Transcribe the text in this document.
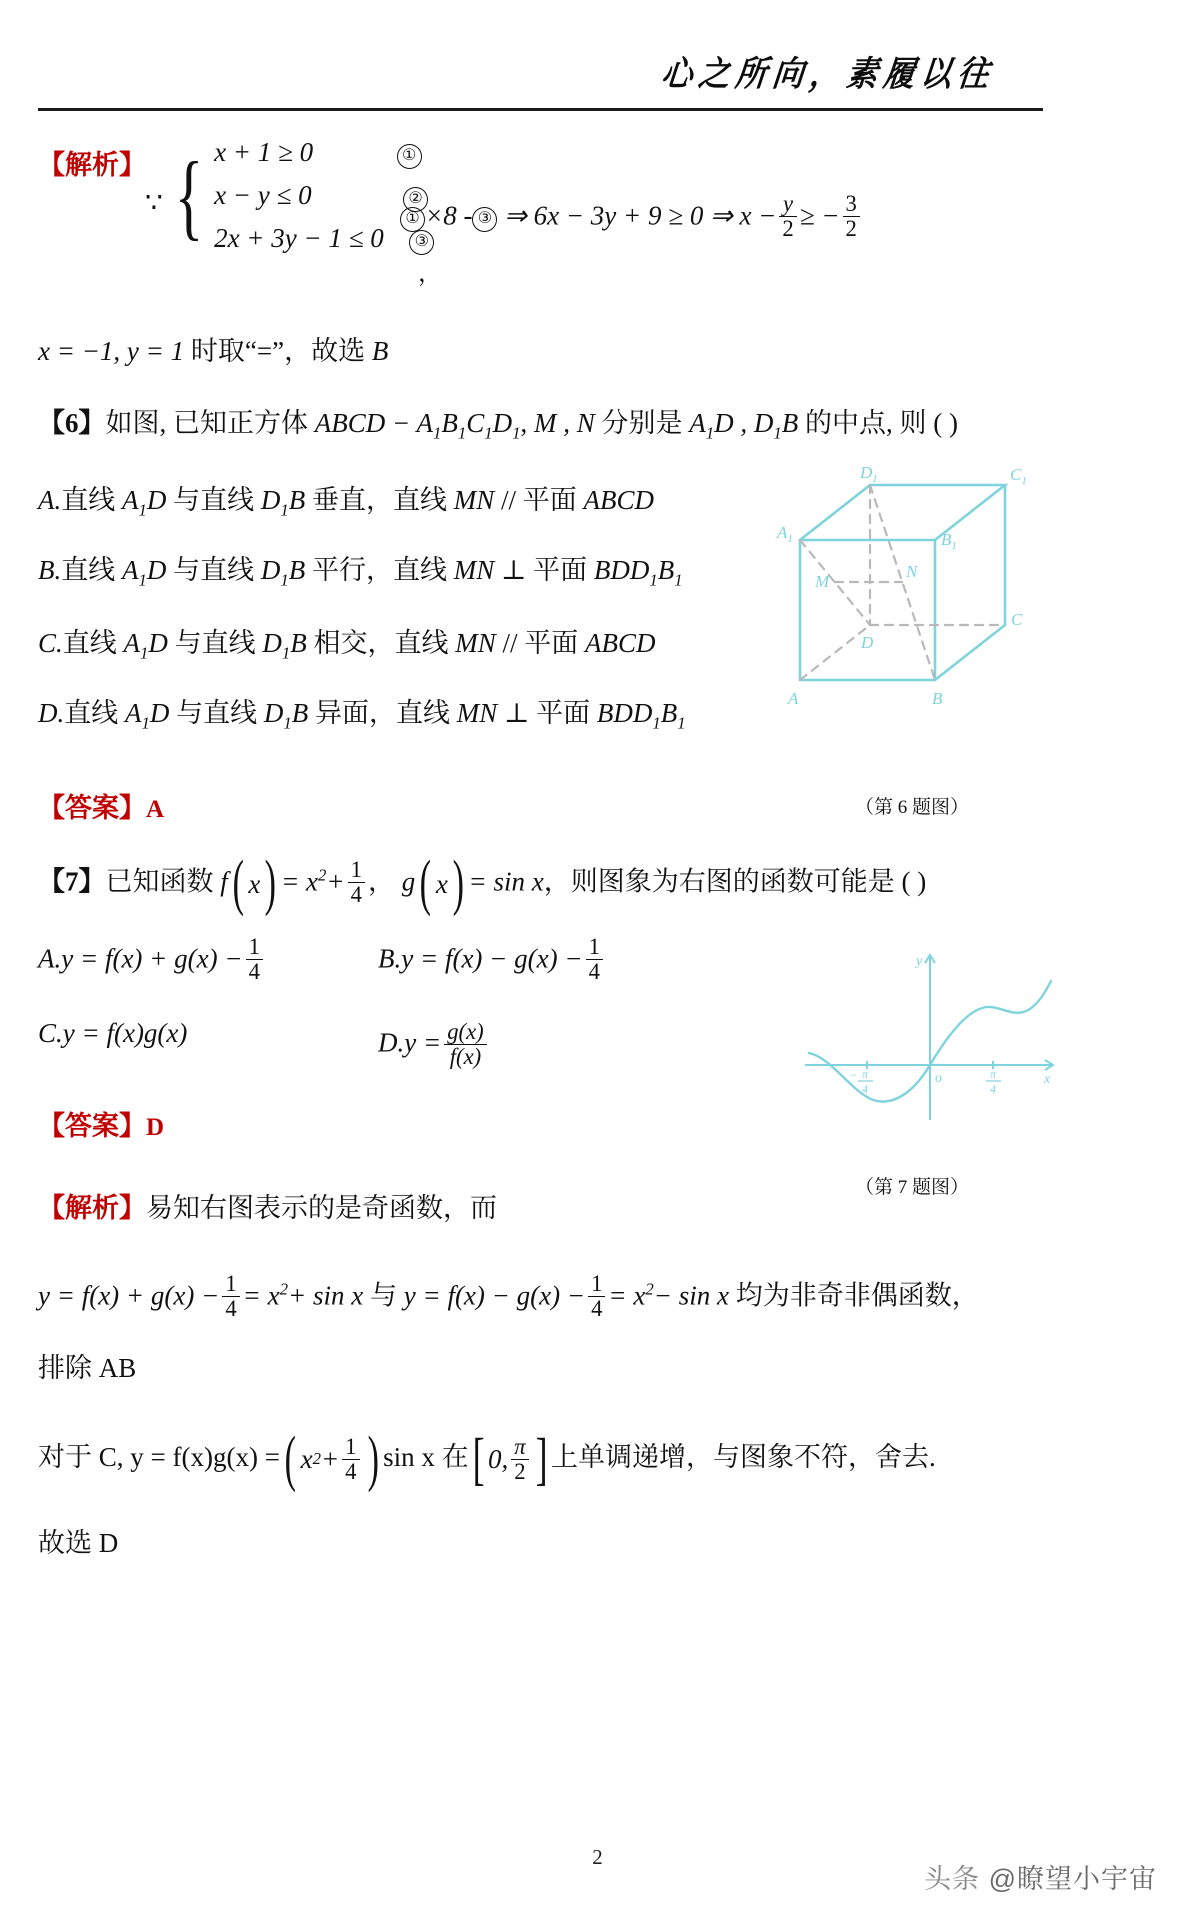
心之所向，素履以往
【解析】
∵ { x + 1 ≥ 0	①
x − y ≤ 0	②
2x + 3y − 1 ≤ 0 ③
，
① ×8 - ③ ⇒ 6x − 3y + 9 ≥ 0 ⇒ $x - \frac{y}{2}$ ≥ − $\frac{3}{2}$
x = −1, y = 1 时取“=”，故选 B
【6】如图, 已知正方体 ABCD − $A_1B_1C_1D_1$, M , N 分别是 $A_1D$ , $D_1B$ 的中点, 则 ( )
A.直线 $A_1D$ 与直线 $D_1B$ 垂直，直线 MN // 平面 ABCD
B.直线 $A_1D$ 与直线 $D_1B$ 平行，直线 MN ⊥ 平面 $BDD_1B_1$
C.直线 $A_1D$ 与直线 $D_1B$ 相交，直线 MN // 平面 ABCD
D.直线 $A_1D$ 与直线 $D_1B$ 异面，直线 MN ⊥ 平面 $BDD_1B_1$
【答案】A
$D_1$	$C_1$
$A_1$	$B_1$
M
N
D
C
A	B
（第 6 题图）
【7】已知函数 f ( x ) = $x^2+ \frac{1}{4}$ ， g ( x ) = sin x，则图象为右图的函数可能是 ( )
$A.y = f(x) + g(x) - \frac{1}{4}$	$B.y = f(x) - g(x) - \frac{1}{4}$
C.y = f(x)g(x)	$D.y = \frac{g(x)}{f(x)}$
【答案】D
y
x
o
− π
4
π
4
（第 7 题图）
【解析】易知右图表示的是奇函数，而
$y = f(x) + g(x) - \frac{1}{4} = x^2+ \sin x$ 与 $y = f(x) - g(x) - \frac{1}{4} = x^2- \sin x$ 均为非奇非偶函数，
排除 AB
对于 C, y = f(x)g(x) = ( x $2 + \frac{1}{4}$ ) sin x 在 [ 0, $\frac{\pi}{2}$ ] 上单调递增，与图象不符，舍去.
故选 D
2
头条 @瞭望小宇宙
